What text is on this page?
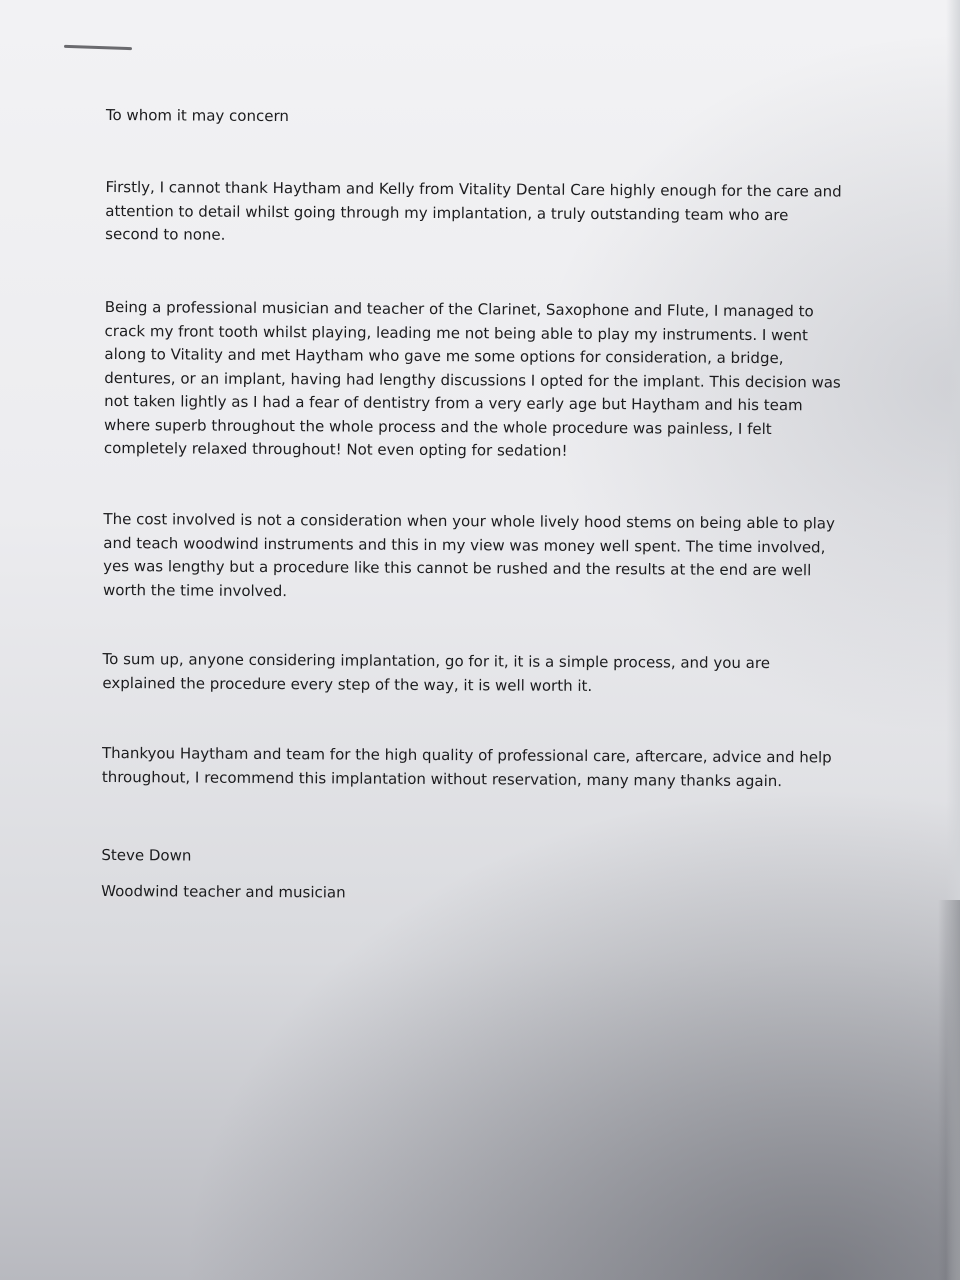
To whom it may concern

Firstly, I cannot thank Haytham and Kelly from Vitality Dental Care highly enough for the care and attention to detail whilst going through my implantation, a truly outstanding team who are second to none.

Being a professional musician and teacher of the Clarinet, Saxophone and Flute, I managed to crack my front tooth whilst playing, leading me not being able to play my instruments. I went along to Vitality and met Haytham who gave me some options for consideration, a bridge, dentures, or an implant, having had lengthy discussions I opted for the implant. This decision was not taken lightly as I had a fear of dentistry from a very early age but Haytham and his team where superb throughout the whole process and the whole procedure was painless, I felt completely relaxed throughout! Not even opting for sedation!

The cost involved is not a consideration when your whole lively hood stems on being able to play and teach woodwind instruments and this in my view was money well spent. The time involved, yes was lengthy but a procedure like this cannot be rushed and the results at the end are well worth the time involved.

To sum up, anyone considering implantation, go for it, it is a simple process, and you are explained the procedure every step of the way, it is well worth it.

Thankyou Haytham and team for the high quality of professional care, aftercare, advice and help throughout, I recommend this implantation without reservation, many many thanks again.

Steve Down

Woodwind teacher and musician
